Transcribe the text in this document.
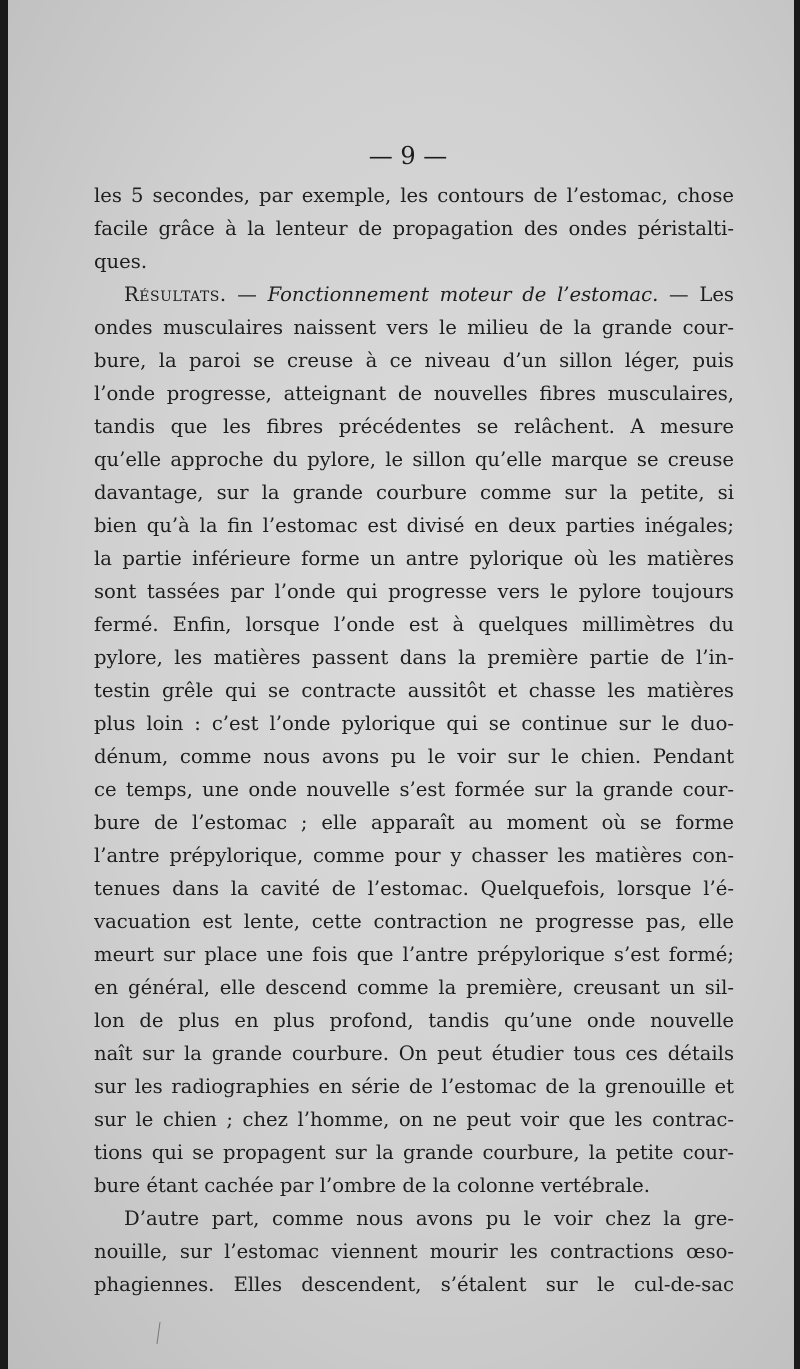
— 9 —
les 5 secondes, par exemple, les contours de l’estomac, chose
facile grâce à la lenteur de propagation des ondes péristalti-
ques.
Résultats. — Fonctionnement moteur de l’estomac. — Les
ondes musculaires naissent vers le milieu de la grande cour-
bure, la paroi se creuse à ce niveau d’un sillon léger, puis
l’onde progresse, atteignant de nouvelles fibres musculaires,
tandis que les fibres précédentes se relâchent. A mesure
qu’elle approche du pylore, le sillon qu’elle marque se creuse
davantage, sur la grande courbure comme sur la petite, si
bien qu’à la fin l’estomac est divisé en deux parties inégales;
la partie inférieure forme un antre pylorique où les matières
sont tassées par l’onde qui progresse vers le pylore toujours
fermé. Enfin, lorsque l’onde est à quelques millimètres du
pylore, les matières passent dans la première partie de l’in-
testin grêle qui se contracte aussitôt et chasse les matières
plus loin : c’est l’onde pylorique qui se continue sur le duo-
dénum, comme nous avons pu le voir sur le chien. Pendant
ce temps, une onde nouvelle s’est formée sur la grande cour-
bure de l’estomac ; elle apparaît au moment où se forme
l’antre prépylorique, comme pour y chasser les matières con-
tenues dans la cavité de l’estomac. Quelquefois, lorsque l’é-
vacuation est lente, cette contraction ne progresse pas, elle
meurt sur place une fois que l’antre prépylorique s’est formé;
en général, elle descend comme la première, creusant un sil-
lon de plus en plus profond, tandis qu’une onde nouvelle
naît sur la grande courbure. On peut étudier tous ces détails
sur les radiographies en série de l’estomac de la grenouille et
sur le chien ; chez l’homme, on ne peut voir que les contrac-
tions qui se propagent sur la grande courbure, la petite cour-
bure étant cachée par l’ombre de la colonne vertébrale.
D’autre part, comme nous avons pu le voir chez la gre-
nouille, sur l’estomac viennent mourir les contractions œso-
phagiennes. Elles descendent, s’étalent sur le cul-de-sac
